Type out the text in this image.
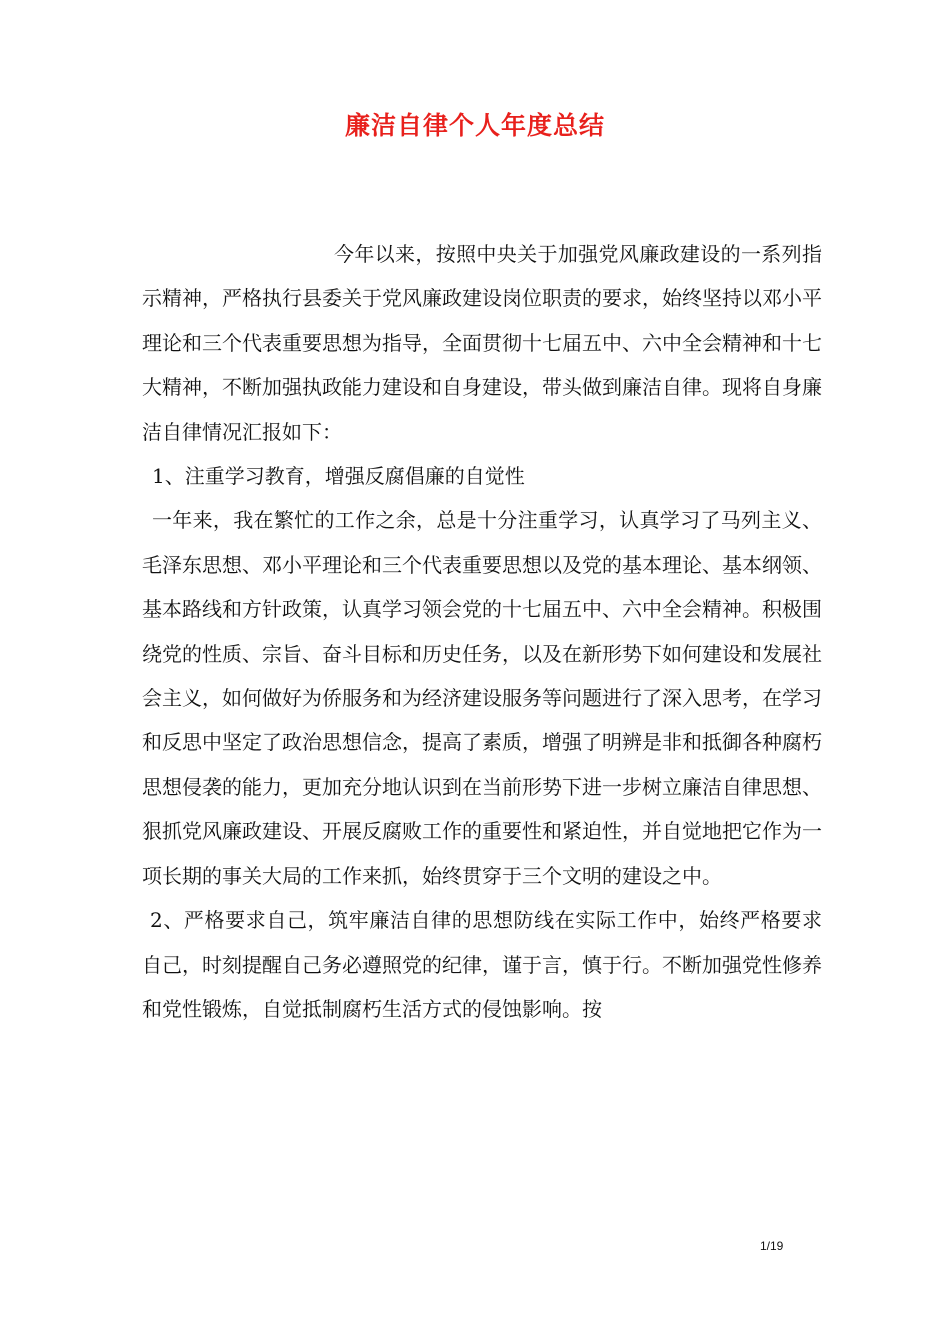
廉洁自律个人年度总结

今年以来，按照中央关于加强党风廉政建设的一系列指示精神，严格执行县委关于党风廉政建设岗位职责的要求，始终坚持以邓小平理论和三个代表重要思想为指导，全面贯彻十七届五中、六中全会精神和十七大精神，不断加强执政能力建设和自身建设，带头做到廉洁自律。现将自身廉洁自律情况汇报如下：

1、注重学习教育，增强反腐倡廉的自觉性

一年来，我在繁忙的工作之余，总是十分注重学习，认真学习了马列主义、毛泽东思想、邓小平理论和三个代表重要思想以及党的基本理论、基本纲领、基本路线和方针政策，认真学习领会党的十七届五中、六中全会精神。积极围绕党的性质、宗旨、奋斗目标和历史任务，以及在新形势下如何建设和发展社会主义，如何做好为侨服务和为经济建设服务等问题进行了深入思考，在学习和反思中坚定了政治思想信念，提高了素质，增强了明辨是非和抵御各种腐朽思想侵袭的能力，更加充分地认识到在当前形势下进一步树立廉洁自律思想、狠抓党风廉政建设、开展反腐败工作的重要性和紧迫性，并自觉地把它作为一项长期的事关大局的工作来抓，始终贯穿于三个文明的建设之中。

2、严格要求自己，筑牢廉洁自律的思想防线在实际工作中，始终严格要求自己，时刻提醒自己务必遵照党的纪律，谨于言，慎于行。不断加强党性修养和党性锻炼，自觉抵制腐朽生活方式的侵蚀影响。按

1/19
